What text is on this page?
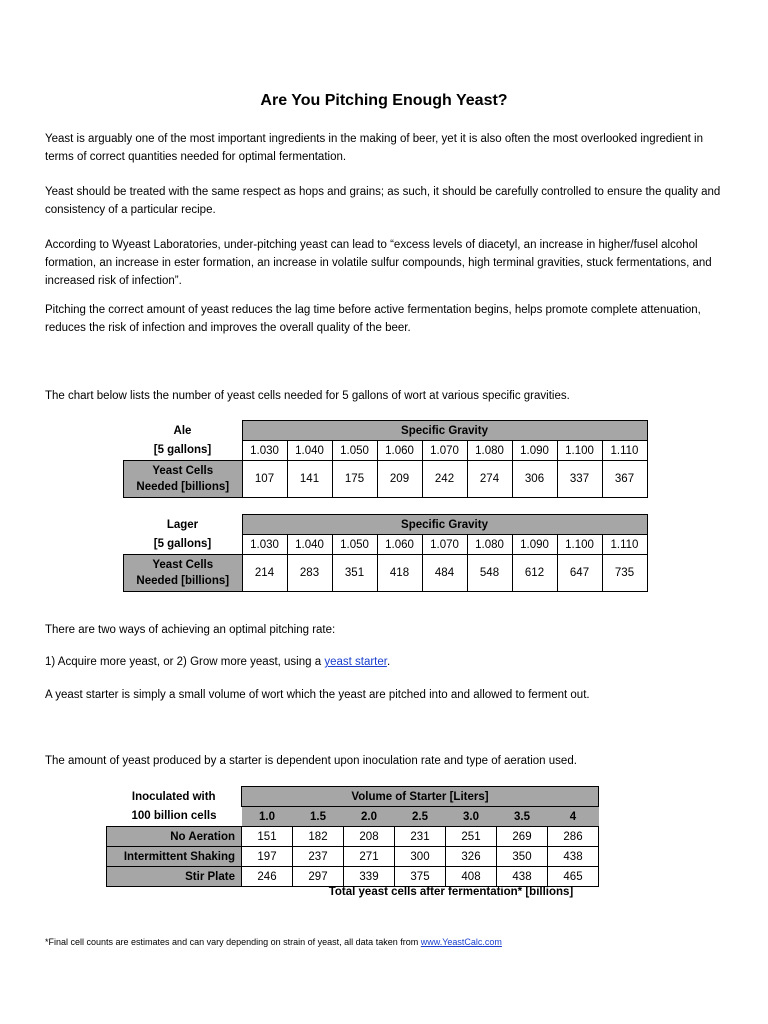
Are You Pitching Enough Yeast?

Yeast is arguably one of the most important ingredients in the making of beer, yet it is also often the most overlooked ingredient in terms of correct quantities needed for optimal fermentation.

Yeast should be treated with the same respect as hops and grains; as such, it should be carefully controlled to ensure the quality and consistency of a particular recipe.

According to Wyeast Laboratories, under-pitching yeast can lead to “excess levels of diacetyl, an increase in higher/fusel alcohol formation, an increase in ester formation, an increase in volatile sulfur compounds, high terminal gravities, stuck fermentations, and increased risk of infection”.

Pitching the correct amount of yeast reduces the lag time before active fermentation begins, helps promote complete attenuation, reduces the risk of infection and improves the overall quality of the beer.

The chart below lists the number of yeast cells needed for 5 gallons of wort at various specific gravities.

Ale	Specific Gravity								
[5 gallons]	1.030	1.040	1.050	1.060	1.070	1.080	1.090	1.100	1.110
Yeast Cells
Needed [billions]	107	141	175	209	242	274	306	337	367
Lager	Specific Gravity								
[5 gallons]	1.030	1.040	1.050	1.060	1.070	1.080	1.090	1.100	1.110
Yeast Cells
Needed [billions]	214	283	351	418	484	548	612	647	735

There are two ways of achieving an optimal pitching rate:

1) Acquire more yeast, or 2) Grow more yeast, using a yeast starter.

A yeast starter is simply a small volume of wort which the yeast are pitched into and allowed to ferment out.

The amount of yeast produced by a starter is dependent upon inoculation rate and type of aeration used.

Inoculated with	Volume of Starter [Liters]						
100 billion cells	1.0	1.5	2.0	2.5	3.0	3.5	4
No Aeration	151	182	208	231	251	269	286
Intermittent Shaking	197	237	271	300	326	350	438
Stir Plate	246	297	339	375	408	438	465
Total yeast cells after fermentation* [billions]
*Final cell counts are estimates and can vary depending on strain of yeast, all data taken from www.YeastCalc.com
